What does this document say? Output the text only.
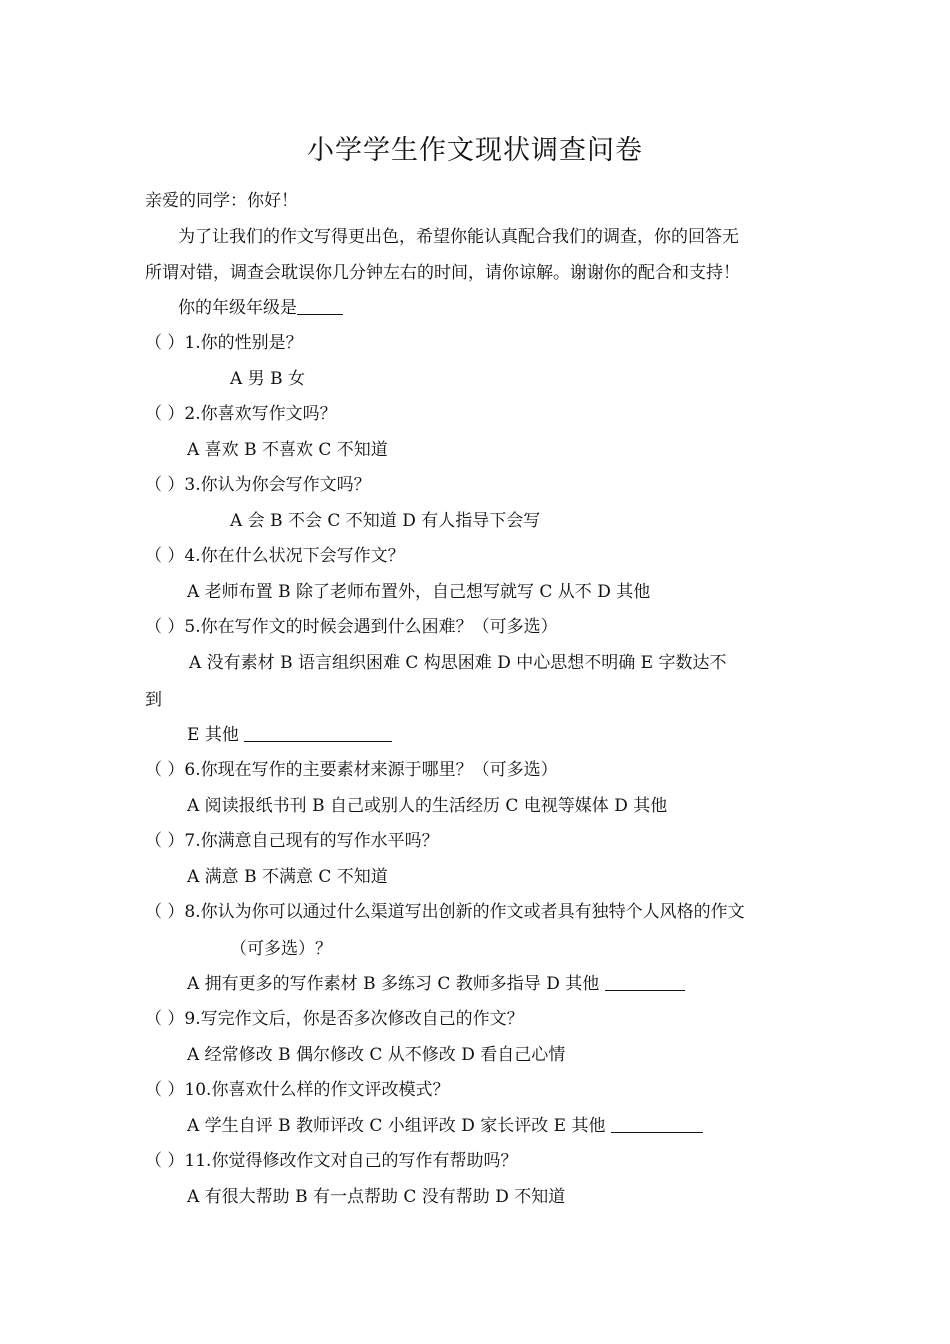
小学学生作文现状调查问卷
亲爱的同学：你好！
为了让我们的作文写得更出色，希望你能认真配合我们的调查，你的回答无
所谓对错，调查会耽误你几分钟左右的时间，请你谅解。谢谢你的配合和支持！
你的年级年级是
（ ）1.你的性别是？
A 男 B 女
（ ）2.你喜欢写作文吗？
A 喜欢 B 不喜欢 C 不知道
（ ）3.你认为你会写作文吗？
A 会 B 不会 C 不知道 D 有人指导下会写
（ ）4.你在什么状况下会写作文？
A 老师布置 B 除了老师布置外，自己想写就写 C 从不 D 其他
（ ）5.你在写作文的时候会遇到什么困难？（可多选）
A 没有素材 B 语言组织困难 C 构思困难 D 中心思想不明确 E 字数达不
到
E 其他
（ ）6.你现在写作的主要素材来源于哪里？（可多选）
A 阅读报纸书刊 B 自己或别人的生活经历 C 电视等媒体 D 其他
（ ）7.你满意自己现有的写作水平吗？
A 满意 B 不满意 C 不知道
（ ）8.你认为你可以通过什么渠道写出创新的作文或者具有独特个人风格的作文
（可多选）？
A 拥有更多的写作素材 B 多练习 C 教师多指导 D 其他
（ ）9.写完作文后，你是否多次修改自己的作文？
A 经常修改 B 偶尔修改 C 从不修改 D 看自己心情
（ ）10.你喜欢什么样的作文评改模式？
A 学生自评 B 教师评改 C 小组评改 D 家长评改 E 其他
（ ）11.你觉得修改作文对自己的写作有帮助吗？
A 有很大帮助 B 有一点帮助 C 没有帮助 D 不知道
